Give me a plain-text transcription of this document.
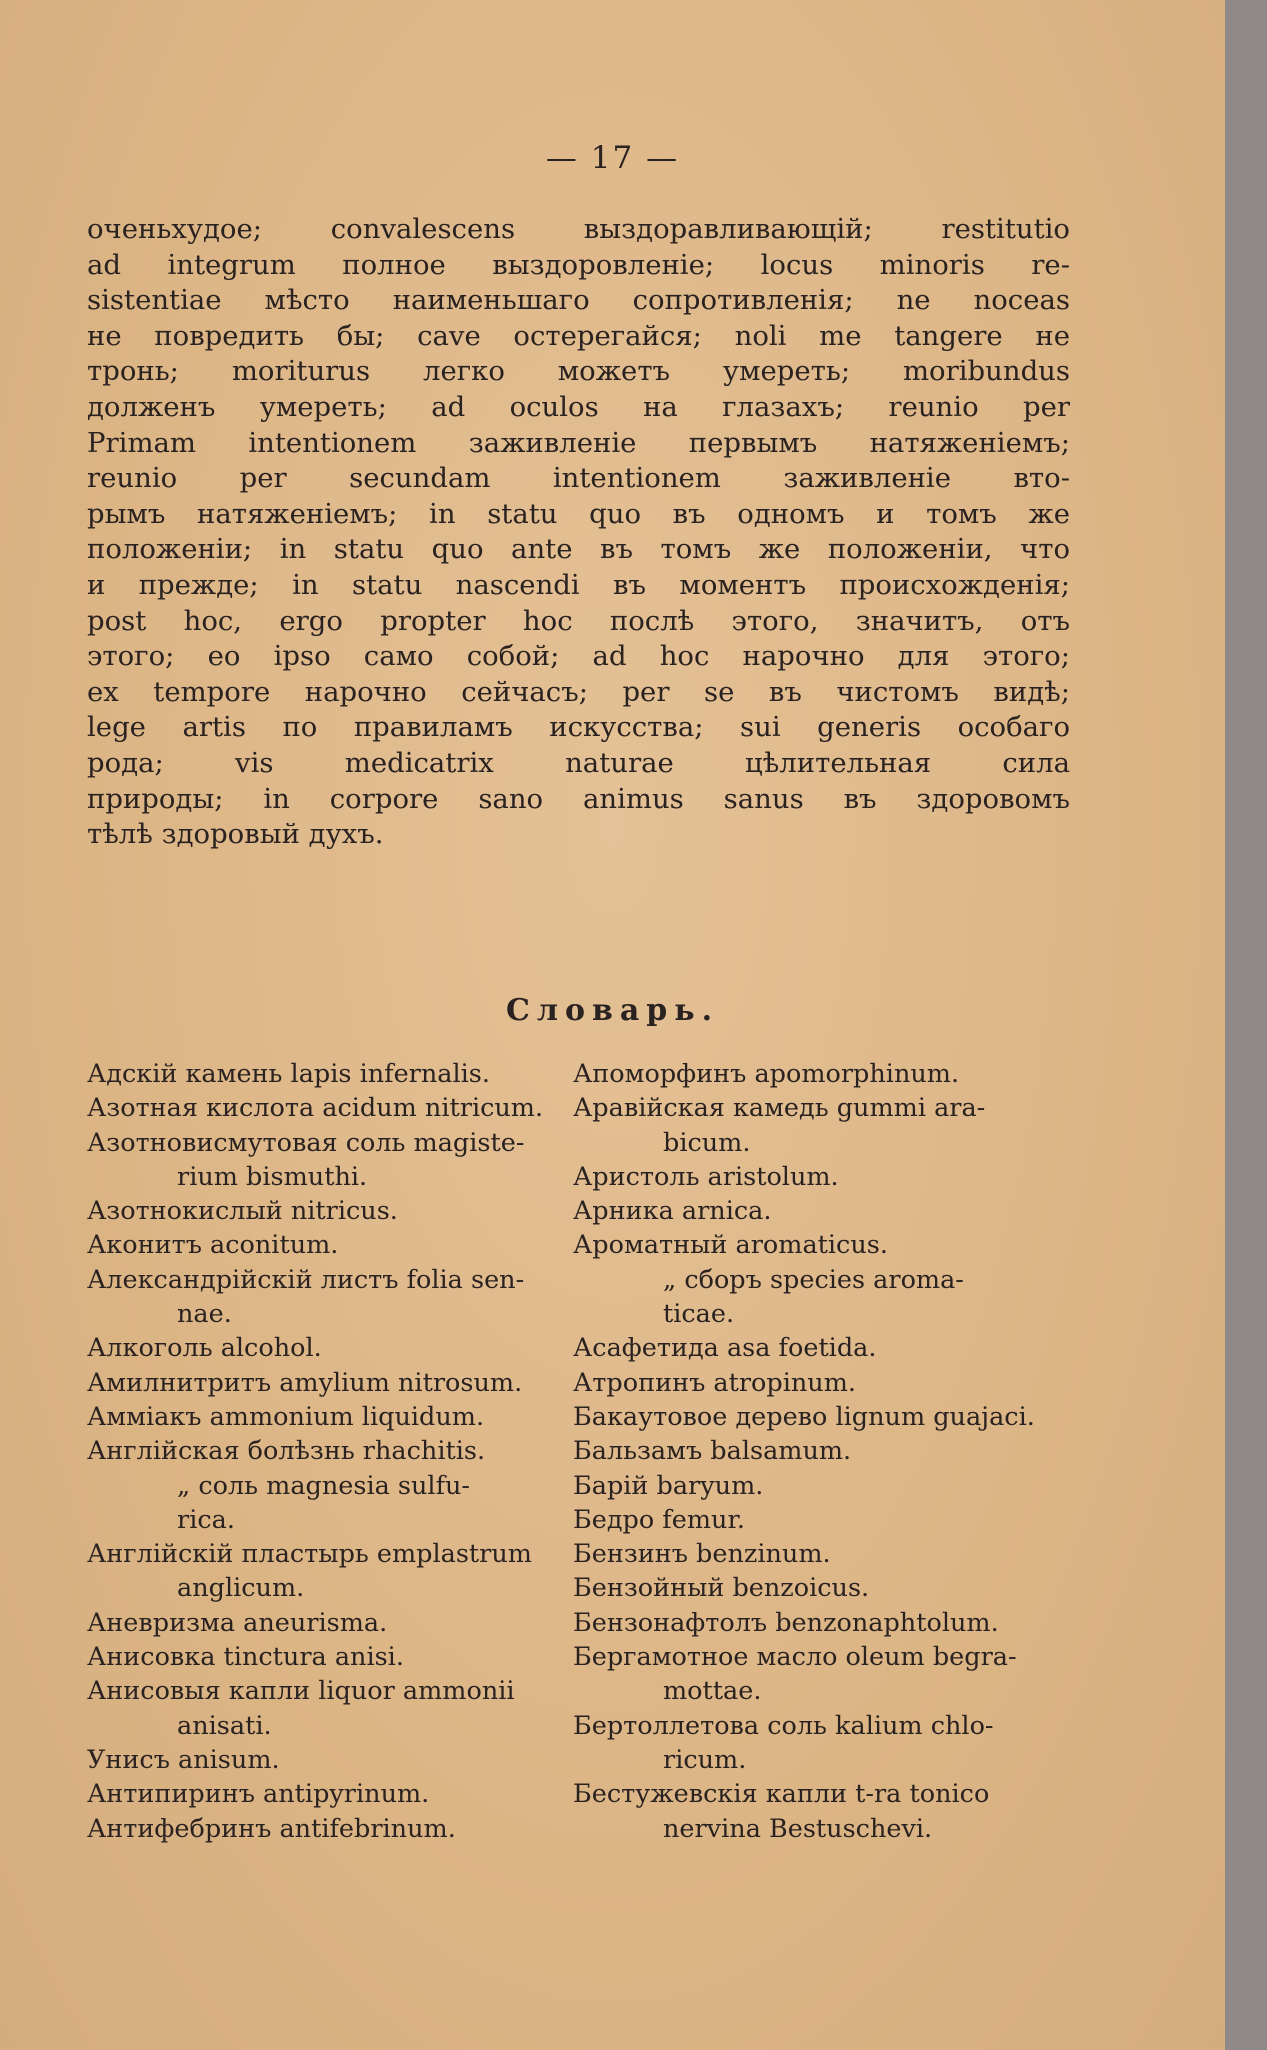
— 17 —
оченьхудое; convalescens выздоравливающій; restitutio
ad integrum полное выздоровленіе; locus minoris re-
sistentiae мѣсто наименьшаго сопротивленія; ne noceas
не повредить бы; cave остерегайся; noli me tangere не
тронь; moriturus легко можетъ умереть; moribundus
долженъ умереть; ad oculos на глазахъ; reunio per
Primam intentionem заживленіе первымъ натяженіемъ;
reunio per secundam intentionem заживленіе вто-
рымъ натяженіемъ; in statu quo въ одномъ и томъ же
положеніи; in statu quo ante въ томъ же положеніи, что
и прежде; in statu nascendi въ моментъ происхожденія;
post hoc, ergo propter hoc послѣ этого, значитъ, отъ
этого; eo ipso само собой; ad hoc нарочно для этого;
ex tempore нарочно сейчасъ; per se въ чистомъ видѣ;
lege artis по правиламъ искусства; sui generis особаго
рода; vis medicatrix naturae цѣлительная сила
природы; in corpore sano animus sanus въ здоровомъ
тѣлѣ здоровый духъ.
Словарь.
Адскій камень lapis infernalis.
Азотная кислота acidum nitricum.
Азотновисмутовая соль magiste-
rium bismuthi.
Азотнокислый nitricus.
Аконитъ aconitum.
Александрійскій листъ folia sen-
nae.
Алкоголь alcohol.
Амилнитритъ amylium nitrosum.
Амміакъ ammonium liquidum.
Англійская болѣзнь rhachitis.
„ соль magnesia sulfu-
rica.
Англійскій пластырь emplastrum
anglicum.
Аневризма aneurisma.
Анисовка tinctura anisi.
Анисовыя капли liquor ammonii
anisati.
Унисъ anisum.
Антипиринъ antipyrinum.
Антифебринъ antifebrinum.
Апоморфинъ apomorphinum.
Аравійская камедь gummi ara-
bicum.
Аристоль aristolum.
Арника arnica.
Ароматный aromaticus.
„ сборъ species aroma-
ticae.
Асафетида asa foetida.
Атропинъ atropinum.
Бакаутовое дерево lignum guajaci.
Бальзамъ balsamum.
Барій baryum.
Бедро femur.
Бензинъ benzinum.
Бензойный benzoicus.
Бензонафтолъ benzonaphtolum.
Бергамотное масло oleum begra-
mottae.
Бертоллетова соль kalium chlo-
ricum.
Бестужевскія капли t-ra tonico
nervina Bestuschevi.
